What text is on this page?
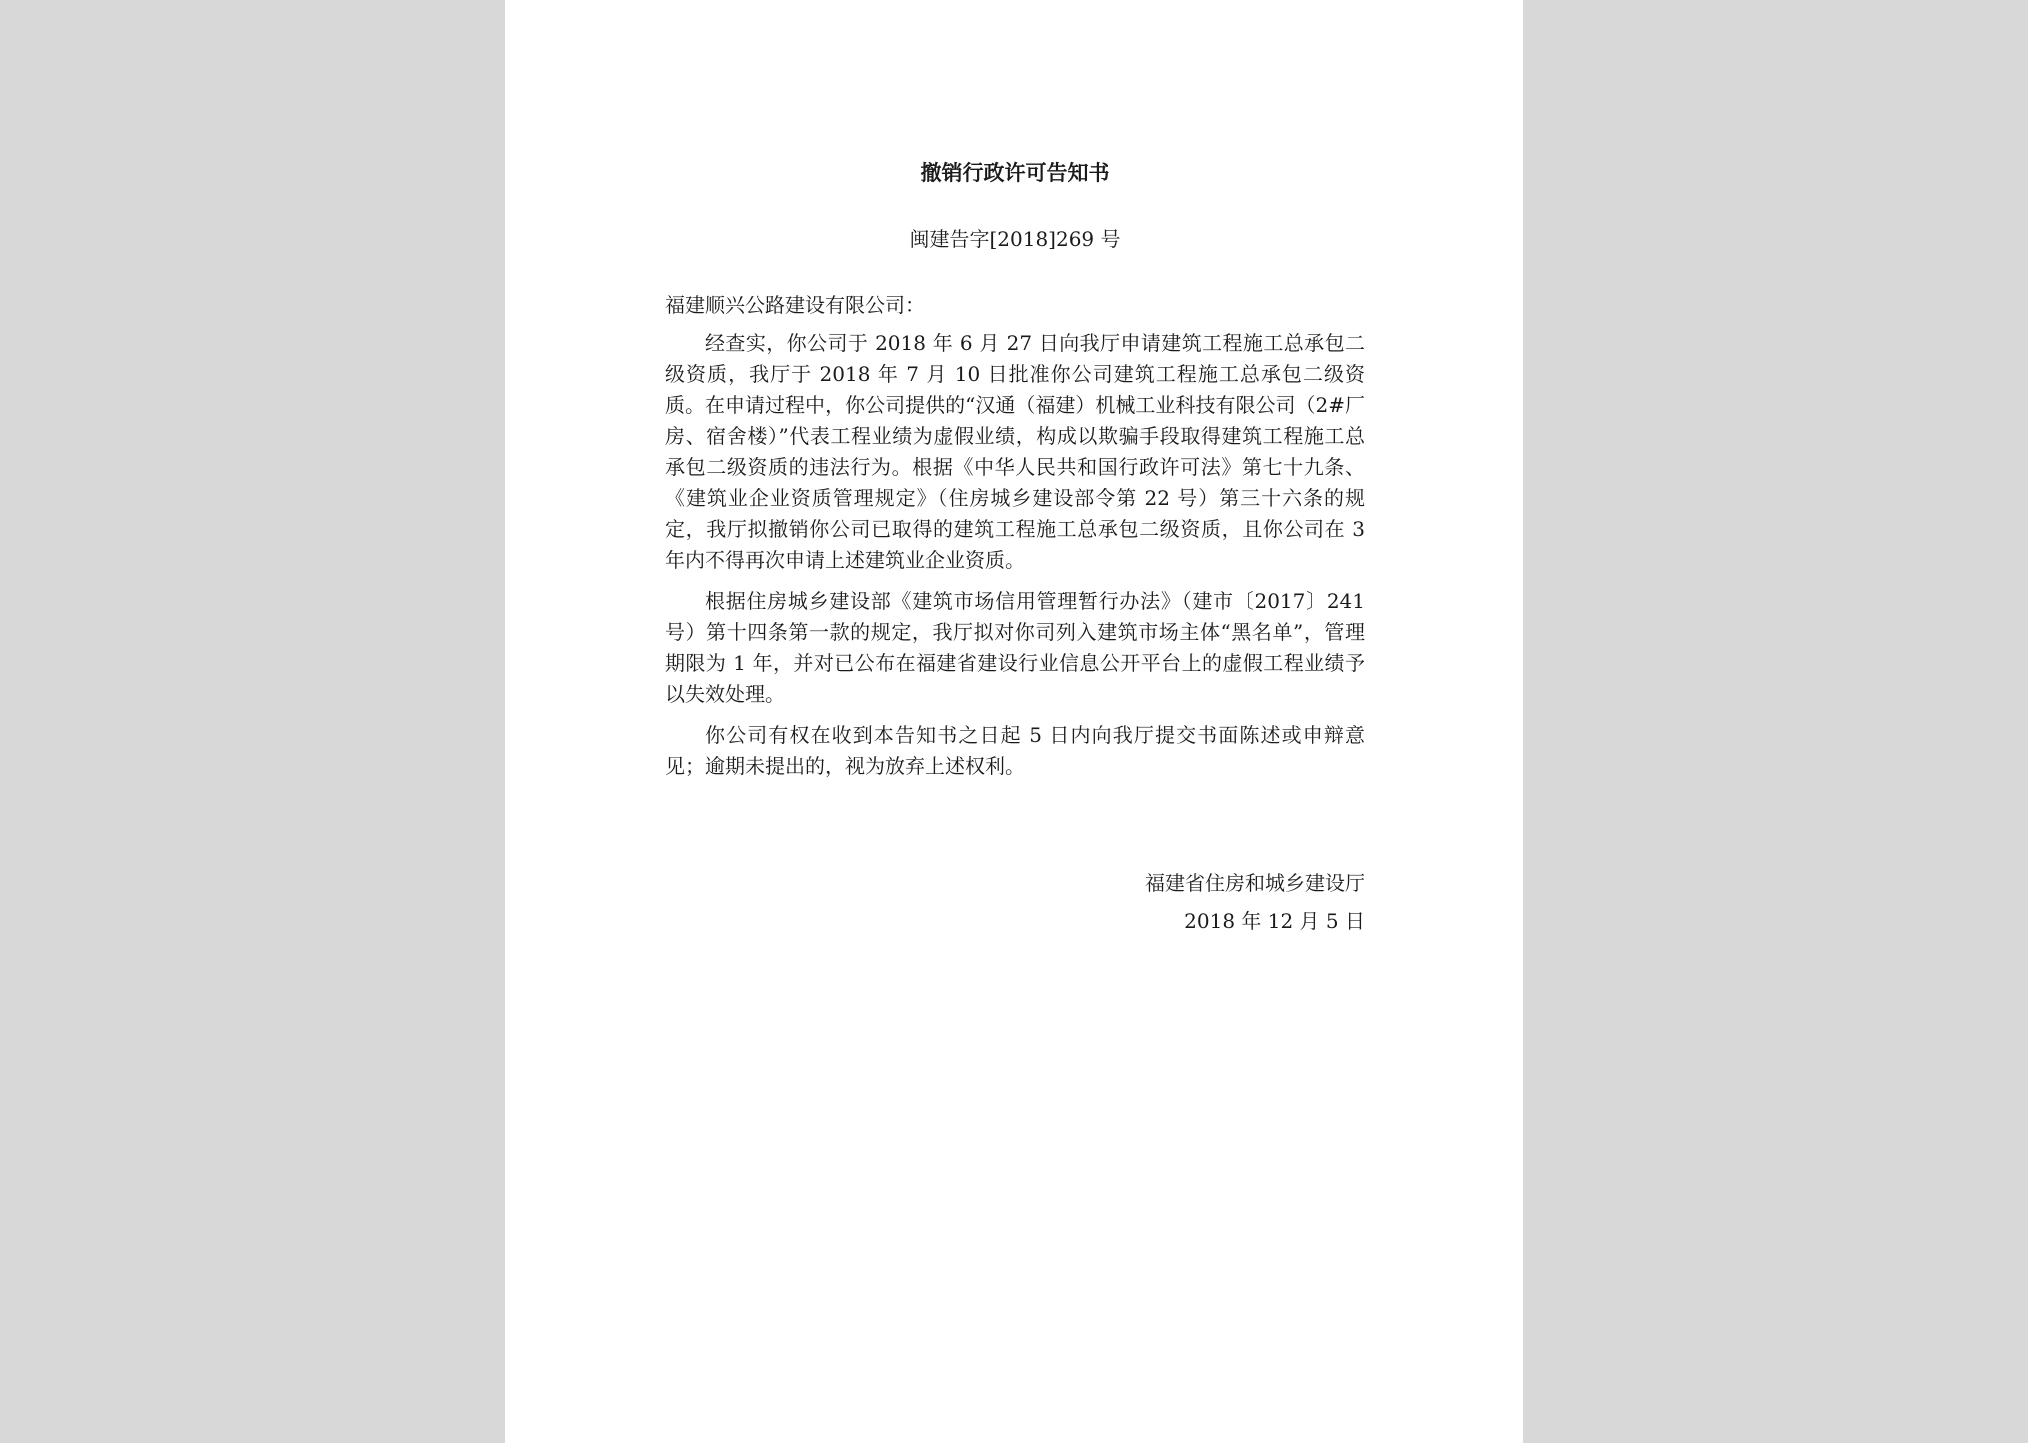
撤销行政许可告知书
闽建告字[2018]269 号
福建顺兴公路建设有限公司：

经查实，你公司于 2018 年 6 月 27 日向我厅申请建筑工程施工总承包二级资质，我厅于 2018 年 7 月 10 日批准你公司建筑工程施工总承包二级资质。在申请过程中，你公司提供的“汉通（福建）机械工业科技有限公司（2#厂房、宿舍楼）”代表工程业绩为虚假业绩，构成以欺骗手段取得建筑工程施工总承包二级资质的违法行为。根据《中华人民共和国行政许可法》第七十九条、《建筑业企业资质管理规定》（住房城乡建设部令第 22 号）第三十六条的规定，我厅拟撤销你公司已取得的建筑工程施工总承包二级资质，且你公司在 3 年内不得再次申请上述建筑业企业资质。

根据住房城乡建设部《建筑市场信用管理暂行办法》（建市〔2017〕241 号）第十四条第一款的规定，我厅拟对你司列入建筑市场主体“黑名单”，管理期限为 1 年，并对已公布在福建省建设行业信息公开平台上的虚假工程业绩予以失效处理。

你公司有权在收到本告知书之日起 5 日内向我厅提交书面陈述或申辩意见；逾期未提出的，视为放弃上述权利。

福建省住房和城乡建设厅
2018 年 12 月 5 日
